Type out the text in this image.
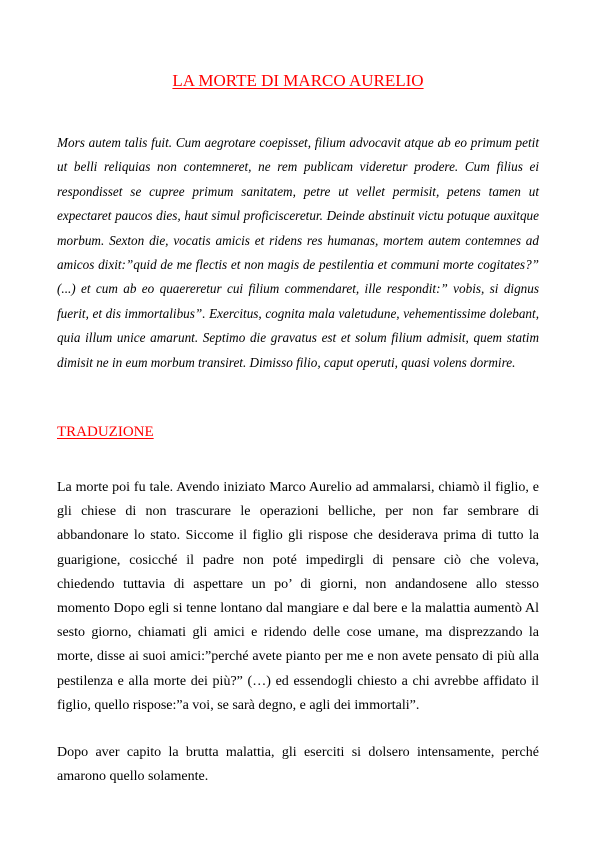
LA MORTE DI MARCO AURELIO

Mors autem talis fuit. Cum aegrotare coepisset, filium advocavit atque ab eo primum petit ut belli reliquias non contemneret, ne rem publicam videretur prodere. Cum filius ei respondisset se cupree primum sanitatem, petre ut vellet permisit, petens tamen ut expectaret paucos dies, haut simul proficisceretur. Deinde abstinuit victu potuque auxitque morbum. Sexton die, vocatis amicis et ridens res humanas, mortem autem contemnes ad amicos dixit:”quid de me flectis et non magis de pestilentia et communi morte cogitates?” (...) et cum ab eo quaereretur cui filium commendaret, ille respondit:” vobis, si dignus fuerit, et dis immortalibus”. Exercitus, cognita mala valetudune, vehementissime dolebant, quia illum unice amarunt. Septimo die gravatus est et solum filium admisit, quem statim dimisit ne in eum morbum transiret. Dimisso filio, caput operuti, quasi volens dormire.

TRADUZIONE

La morte poi fu tale. Avendo iniziato Marco Aurelio ad ammalarsi, chiamò il figlio, e gli chiese di non trascurare le operazioni belliche, per non far sembrare di abbandonare lo stato. Siccome il figlio gli rispose che desiderava prima di tutto la guarigione, cosicché il padre non poté impedirgli di pensare ciò che voleva, chiedendo tuttavia di aspettare un po’ di giorni, non andandosene allo stesso momento Dopo egli si tenne lontano dal mangiare e dal bere e la malattia aumentò Al sesto giorno, chiamati gli amici e ridendo delle cose umane, ma disprezzando la morte, disse ai suoi amici:”perché avete pianto per me e non avete pensato di più alla pestilenza e alla morte dei più?” (…) ed essendogli chiesto a chi avrebbe affidato il figlio, quello rispose:”a voi, se sarà degno, e agli dei immortali”.

Dopo aver capito la brutta malattia, gli eserciti si dolsero intensamente, perché amarono quello solamente.
